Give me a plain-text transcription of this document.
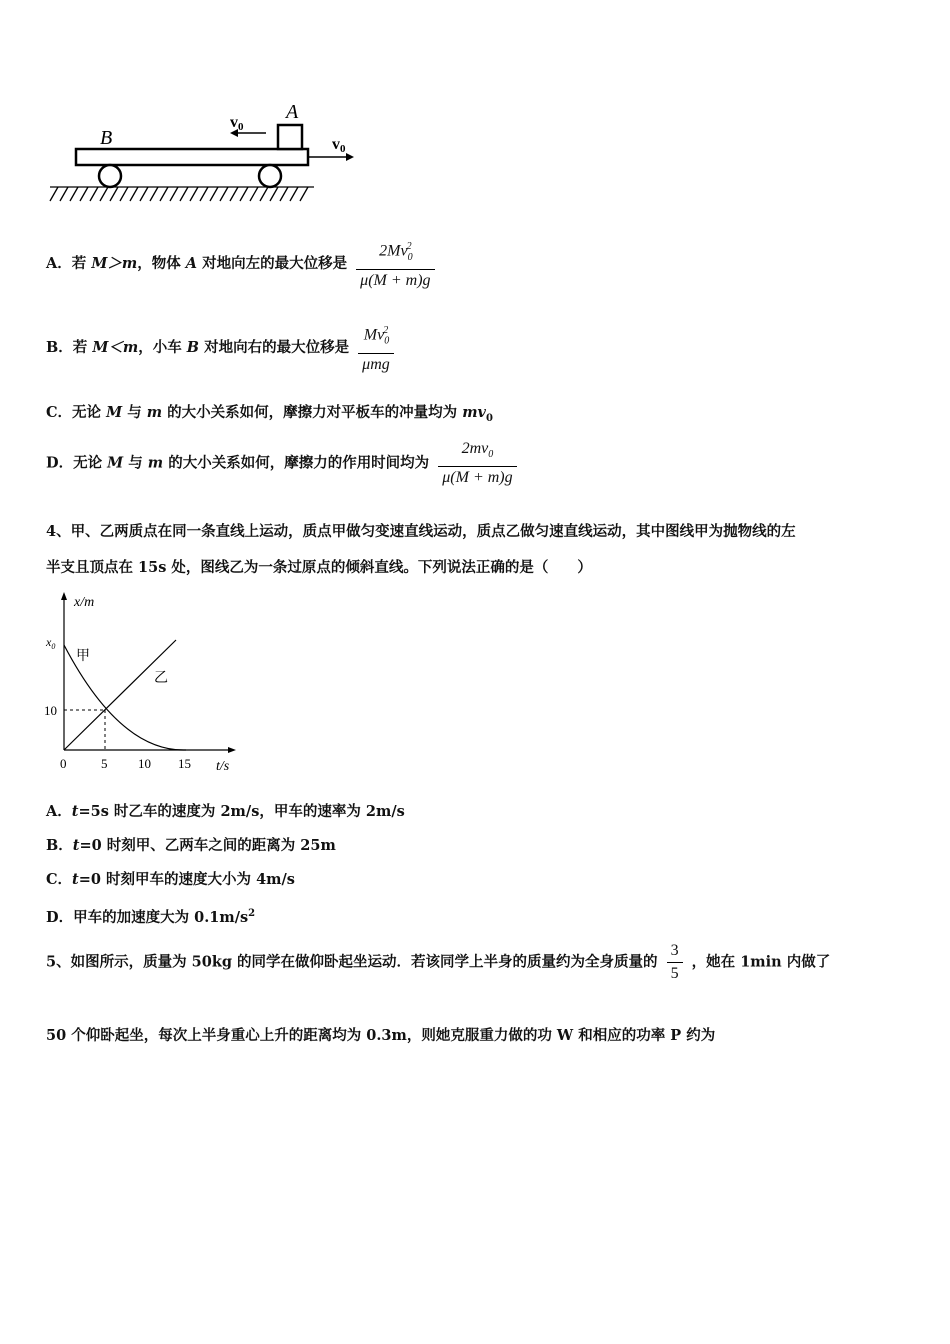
B
A
v0
v0
A．若 M＞m，物体 A 对地向左的最大位移是 $\frac{2Mv_0^2}{\mu(M + m)g}$
B．若 M＜m，小车 B 对地向右的最大位移是 $\frac{Mv_0^2}{\text{μmg}}$
C．无论 M 与 m 的大小关系如何，摩擦力对平板车的冲量均为 $mv_0$
D．无论 M 与 m 的大小关系如何，摩擦力的作用时间均为 $\frac{2mv_0}{\mu(M + m)g}$
4、甲、乙两质点在同一条直线上运动，质点甲做匀变速直线运动，质点乙做匀速直线运动，其中图线甲为抛物线的左
半支且顶点在 15s 处，图线乙为一条过原点的倾斜直线。下列说法正确的是（　　）
x/m
t/s
$x_0$
10
甲
乙
0	5 10 15
A．t=5s 时乙车的速度为 2m/s，甲车的速率为 2m/s
B．t=0 时刻甲、乙两车之间的距离为 25m
C．t=0 时刻甲车的速度大小为 4m/s
D．甲车的加速度大为 $0.1m/s^2$
5、如图所示，质量为 50kg 的同学在做仰卧起坐运动．若该同学上半身的质量约为全身质量的 $\frac{3}{5}$ ，她在 1min 内做了
50 个仰卧起坐，每次上半身重心上升的距离均为 0.3m，则她克服重力做的功 W 和相应的功率 P 约为
